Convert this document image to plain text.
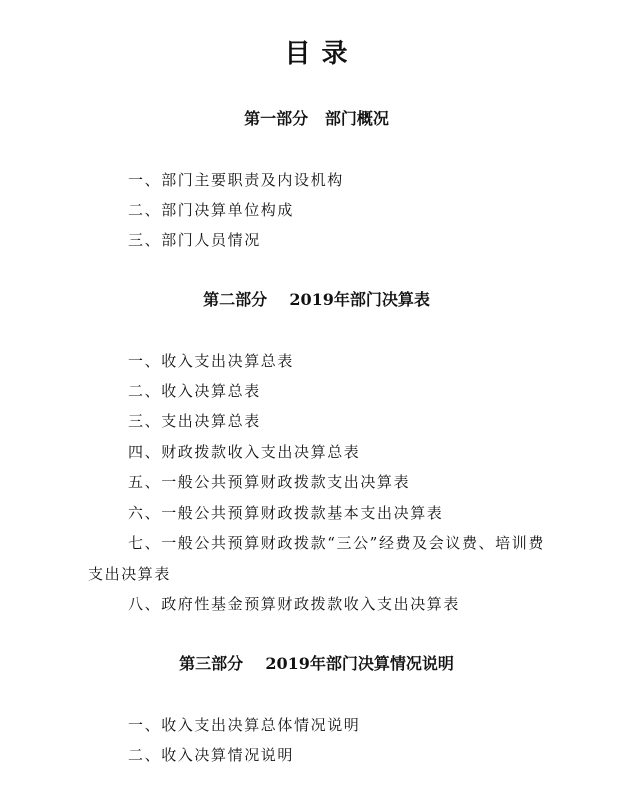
目 录
第一部分   部门概况

一、部门主要职责及内设机构

二、部门决算单位构成

三、部门人员情况

第二部分    2019年部门决算表

一、收入支出决算总表

二、收入决算总表

三、支出决算总表

四、财政拨款收入支出决算总表

五、一般公共预算财政拨款支出决算表

六、一般公共预算财政拨款基本支出决算表

七、一般公共预算财政拨款“三公”经费及会议费、培训费支出决算表

八、政府性基金预算财政拨款收入支出决算表

第三部分    2019年部门决算情况说明

一、收入支出决算总体情况说明

二、收入决算情况说明
